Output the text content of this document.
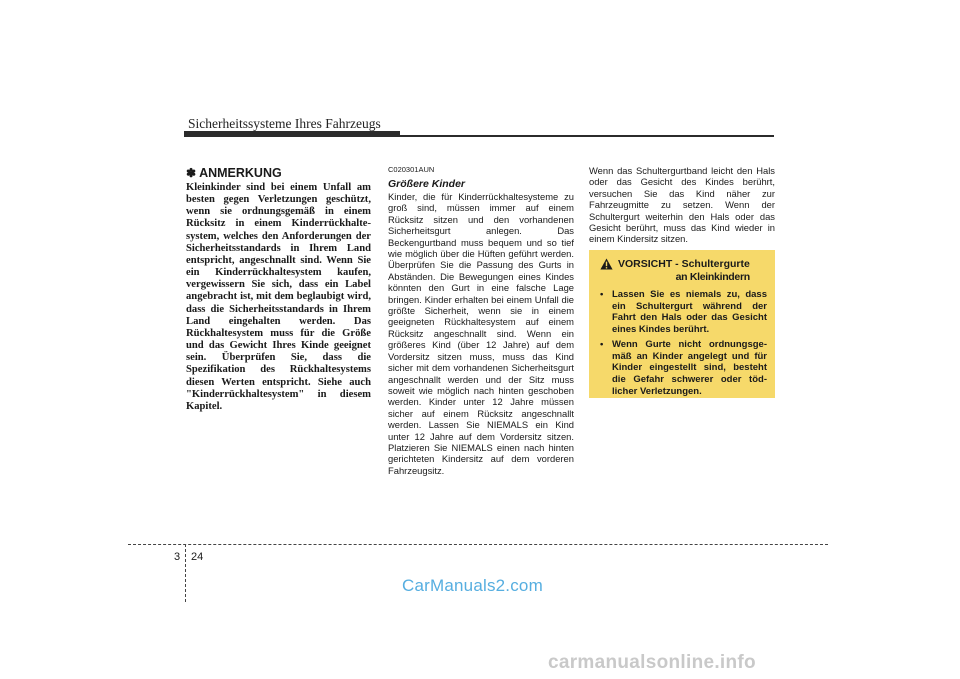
Sicherheitssysteme Ihres Fahrzeugs

✽ ANMERKUNG

Kleinkinder sind bei einem Unfall am besten gegen Verletzungen geschützt, wenn sie ordnungsgemäß in einem Rücksitz in einem Kinderrückhalte-system, welches den Anforderungen der Sicherheitsstandards in Ihrem Land entspricht, angeschnallt sind. Wenn Sie ein Kinderrückhaltesystem kaufen, vergewissern Sie sich, dass ein Label angebracht ist, mit dem beglaubigt wird, dass die Sicherheitsstandards in Ihrem Land eingehalten werden. Das Rückhaltesystem muss für die Größe und das Gewicht Ihres Kinde geeignet sein. Überprüfen Sie, dass die Spezifikation des Rückhaltesystems diesen Werten entspricht. Siehe auch "Kinderrückhaltesystem" in diesem Kapitel.

C020301AUN

Größere Kinder

Kinder, die für Kinderrückhaltesysteme zu groß sind, müssen immer auf einem Rücksitz sitzen und den vorhandenen Sicherheitsgurt anlegen. Das Beckengurtband muss bequem und so tief wie möglich über die Hüften geführt werden. Überprüfen Sie die Passung des Gurts in Abständen. Die Bewegungen eines Kindes könnten den Gurt in eine falsche Lage bringen. Kinder erhalten bei einem Unfall die größte Sicherheit, wenn sie in einem geeigneten Rückhaltesystem auf einem Rücksitz angeschnallt sind. Wenn ein größeres Kind (über 12 Jahre) auf dem Vordersitz sitzen muss, muss das Kind sicher mit dem vorhandenen Sicherheitsgurt angeschnallt werden und der Sitz muss soweit wie möglich nach hinten geschoben werden. Kinder unter 12 Jahre müssen sicher auf einem Rücksitz angeschnallt werden. Lassen Sie NIEMALS ein Kind unter 12 Jahre auf dem Vordersitz sitzen. Platzieren Sie NIEMALS einen nach hinten gerichteten Kindersitz auf dem vorderen Fahrzeugsitz.

Wenn das Schultergurtband leicht den Hals oder das Gesicht des Kindes berührt, versuchen Sie das Kind näher zur Fahrzeugmitte zu setzen. Wenn der Schultergurt weiterhin den Hals oder das Gesicht berührt, muss das Kind wieder in einem Kindersitz sitzen.

VORSICHT - Schultergurte
an Kleinkindern
• Lassen Sie es niemals zu, dass ein Schultergurt während der Fahrt den Hals oder das Gesicht eines Kindes berührt.
• Wenn Gurte nicht ordnungsge-mäß an Kinder angelegt und für Kinder eingestellt sind, besteht die Gefahr schwerer oder töd-licher Verletzungen.
3 24
CarManuals2.com
carmanualsonline.info
